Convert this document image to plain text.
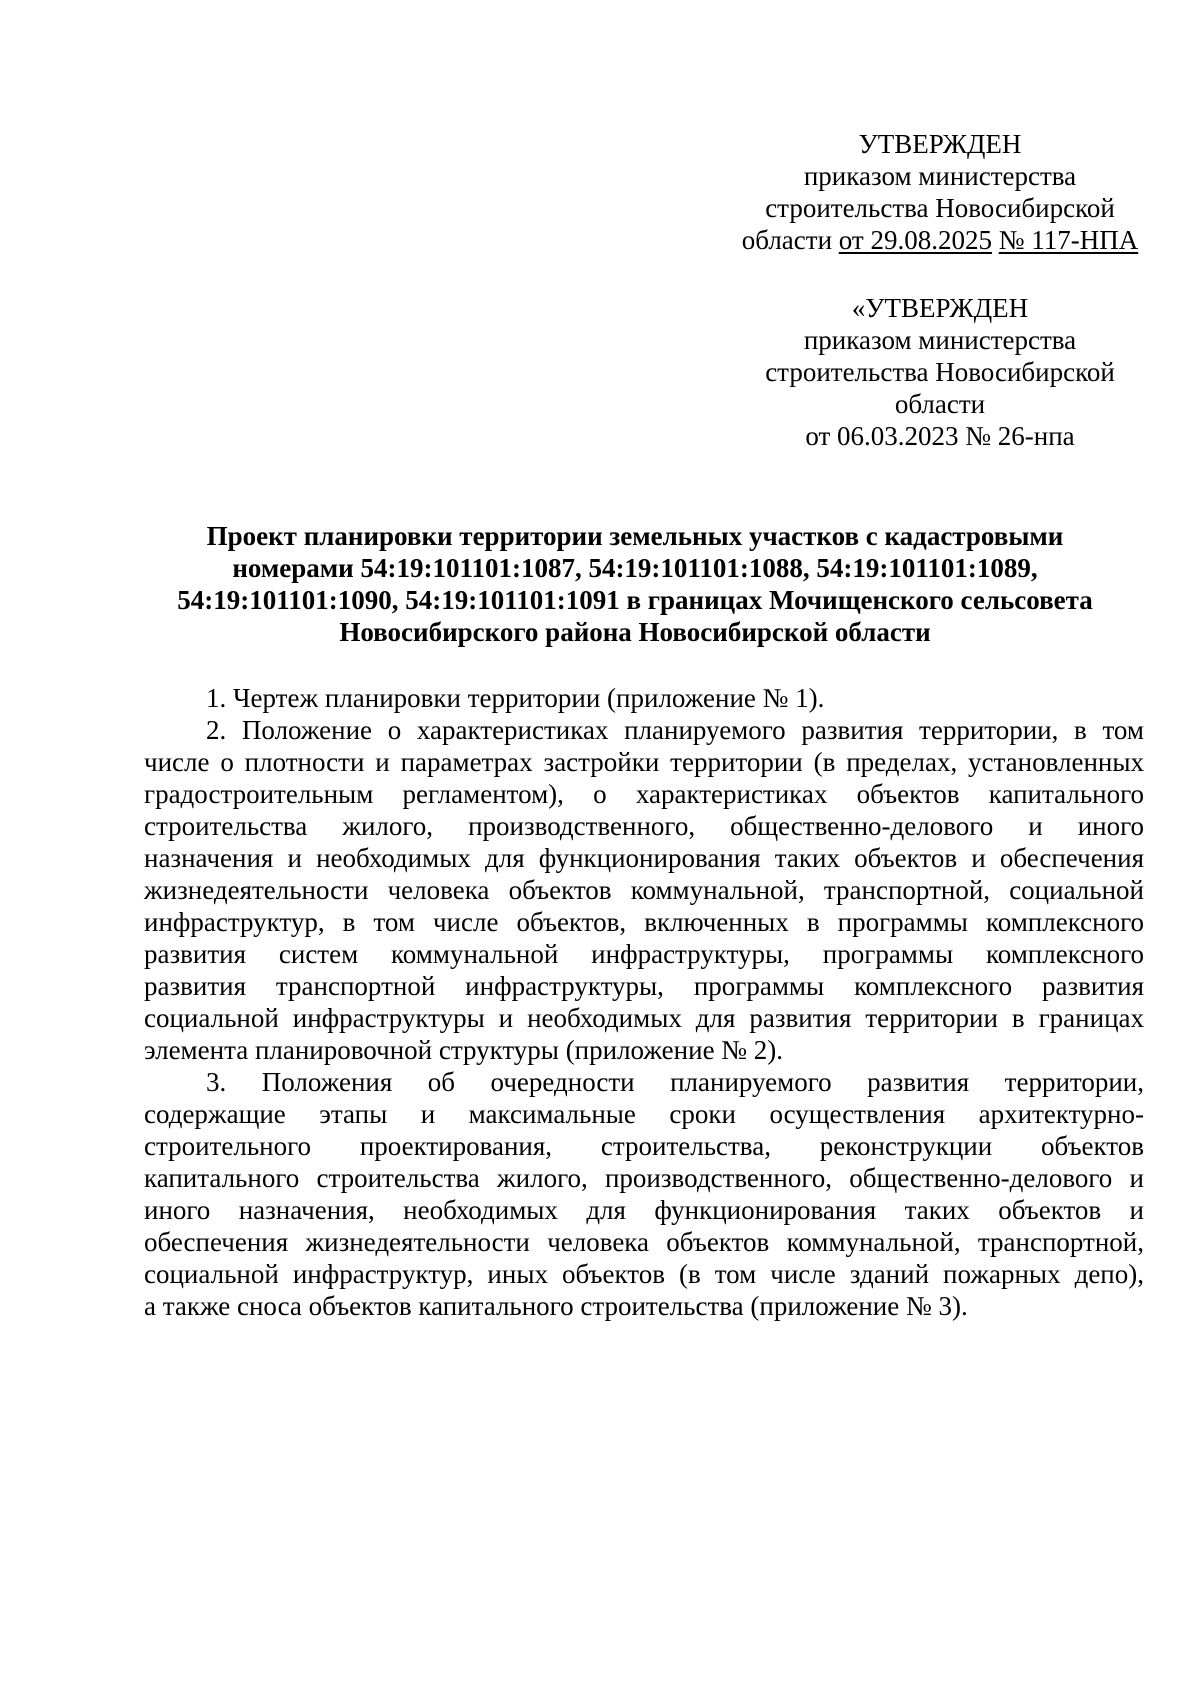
УТВЕРЖДЕН
приказом министерства
строительства Новосибирской
области от 29.08.2025 № 117-НПА
«УТВЕРЖДЕН
приказом министерства
строительства Новосибирской
области
от 06.03.2023 № 26-нпа
Проект планировки территории земельных участков с кадастровыми
номерами 54:19:101101:1087, 54:19:101101:1088, 54:19:101101:1089,
54:19:101101:1090, 54:19:101101:1091 в границах Мочищенского сельсовета
Новосибирского района Новосибирской области
1. Чертеж планировки территории (приложение № 1).
2. Положение о характеристиках планируемого развития территории, в том
числе о плотности и параметрах застройки территории (в пределах, установленных
градостроительным регламентом), о характеристиках объектов капитального
строительства жилого, производственного, общественно-делового и иного
назначения и необходимых для функционирования таких объектов и обеспечения
жизнедеятельности человека объектов коммунальной, транспортной, социальной
инфраструктур, в том числе объектов, включенных в программы комплексного
развития систем коммунальной инфраструктуры, программы комплексного
развития транспортной инфраструктуры, программы комплексного развития
социальной инфраструктуры и необходимых для развития территории в границах
элемента планировочной структуры (приложение № 2).
3. Положения об очередности планируемого развития территории,
содержащие этапы и максимальные сроки осуществления архитектурно-
строительного проектирования, строительства, реконструкции объектов
капитального строительства жилого, производственного, общественно-делового и
иного назначения, необходимых для функционирования таких объектов и
обеспечения жизнедеятельности человека объектов коммунальной, транспортной,
социальной инфраструктур, иных объектов (в том числе зданий пожарных депо),
а также сноса объектов капитального строительства (приложение № 3).
